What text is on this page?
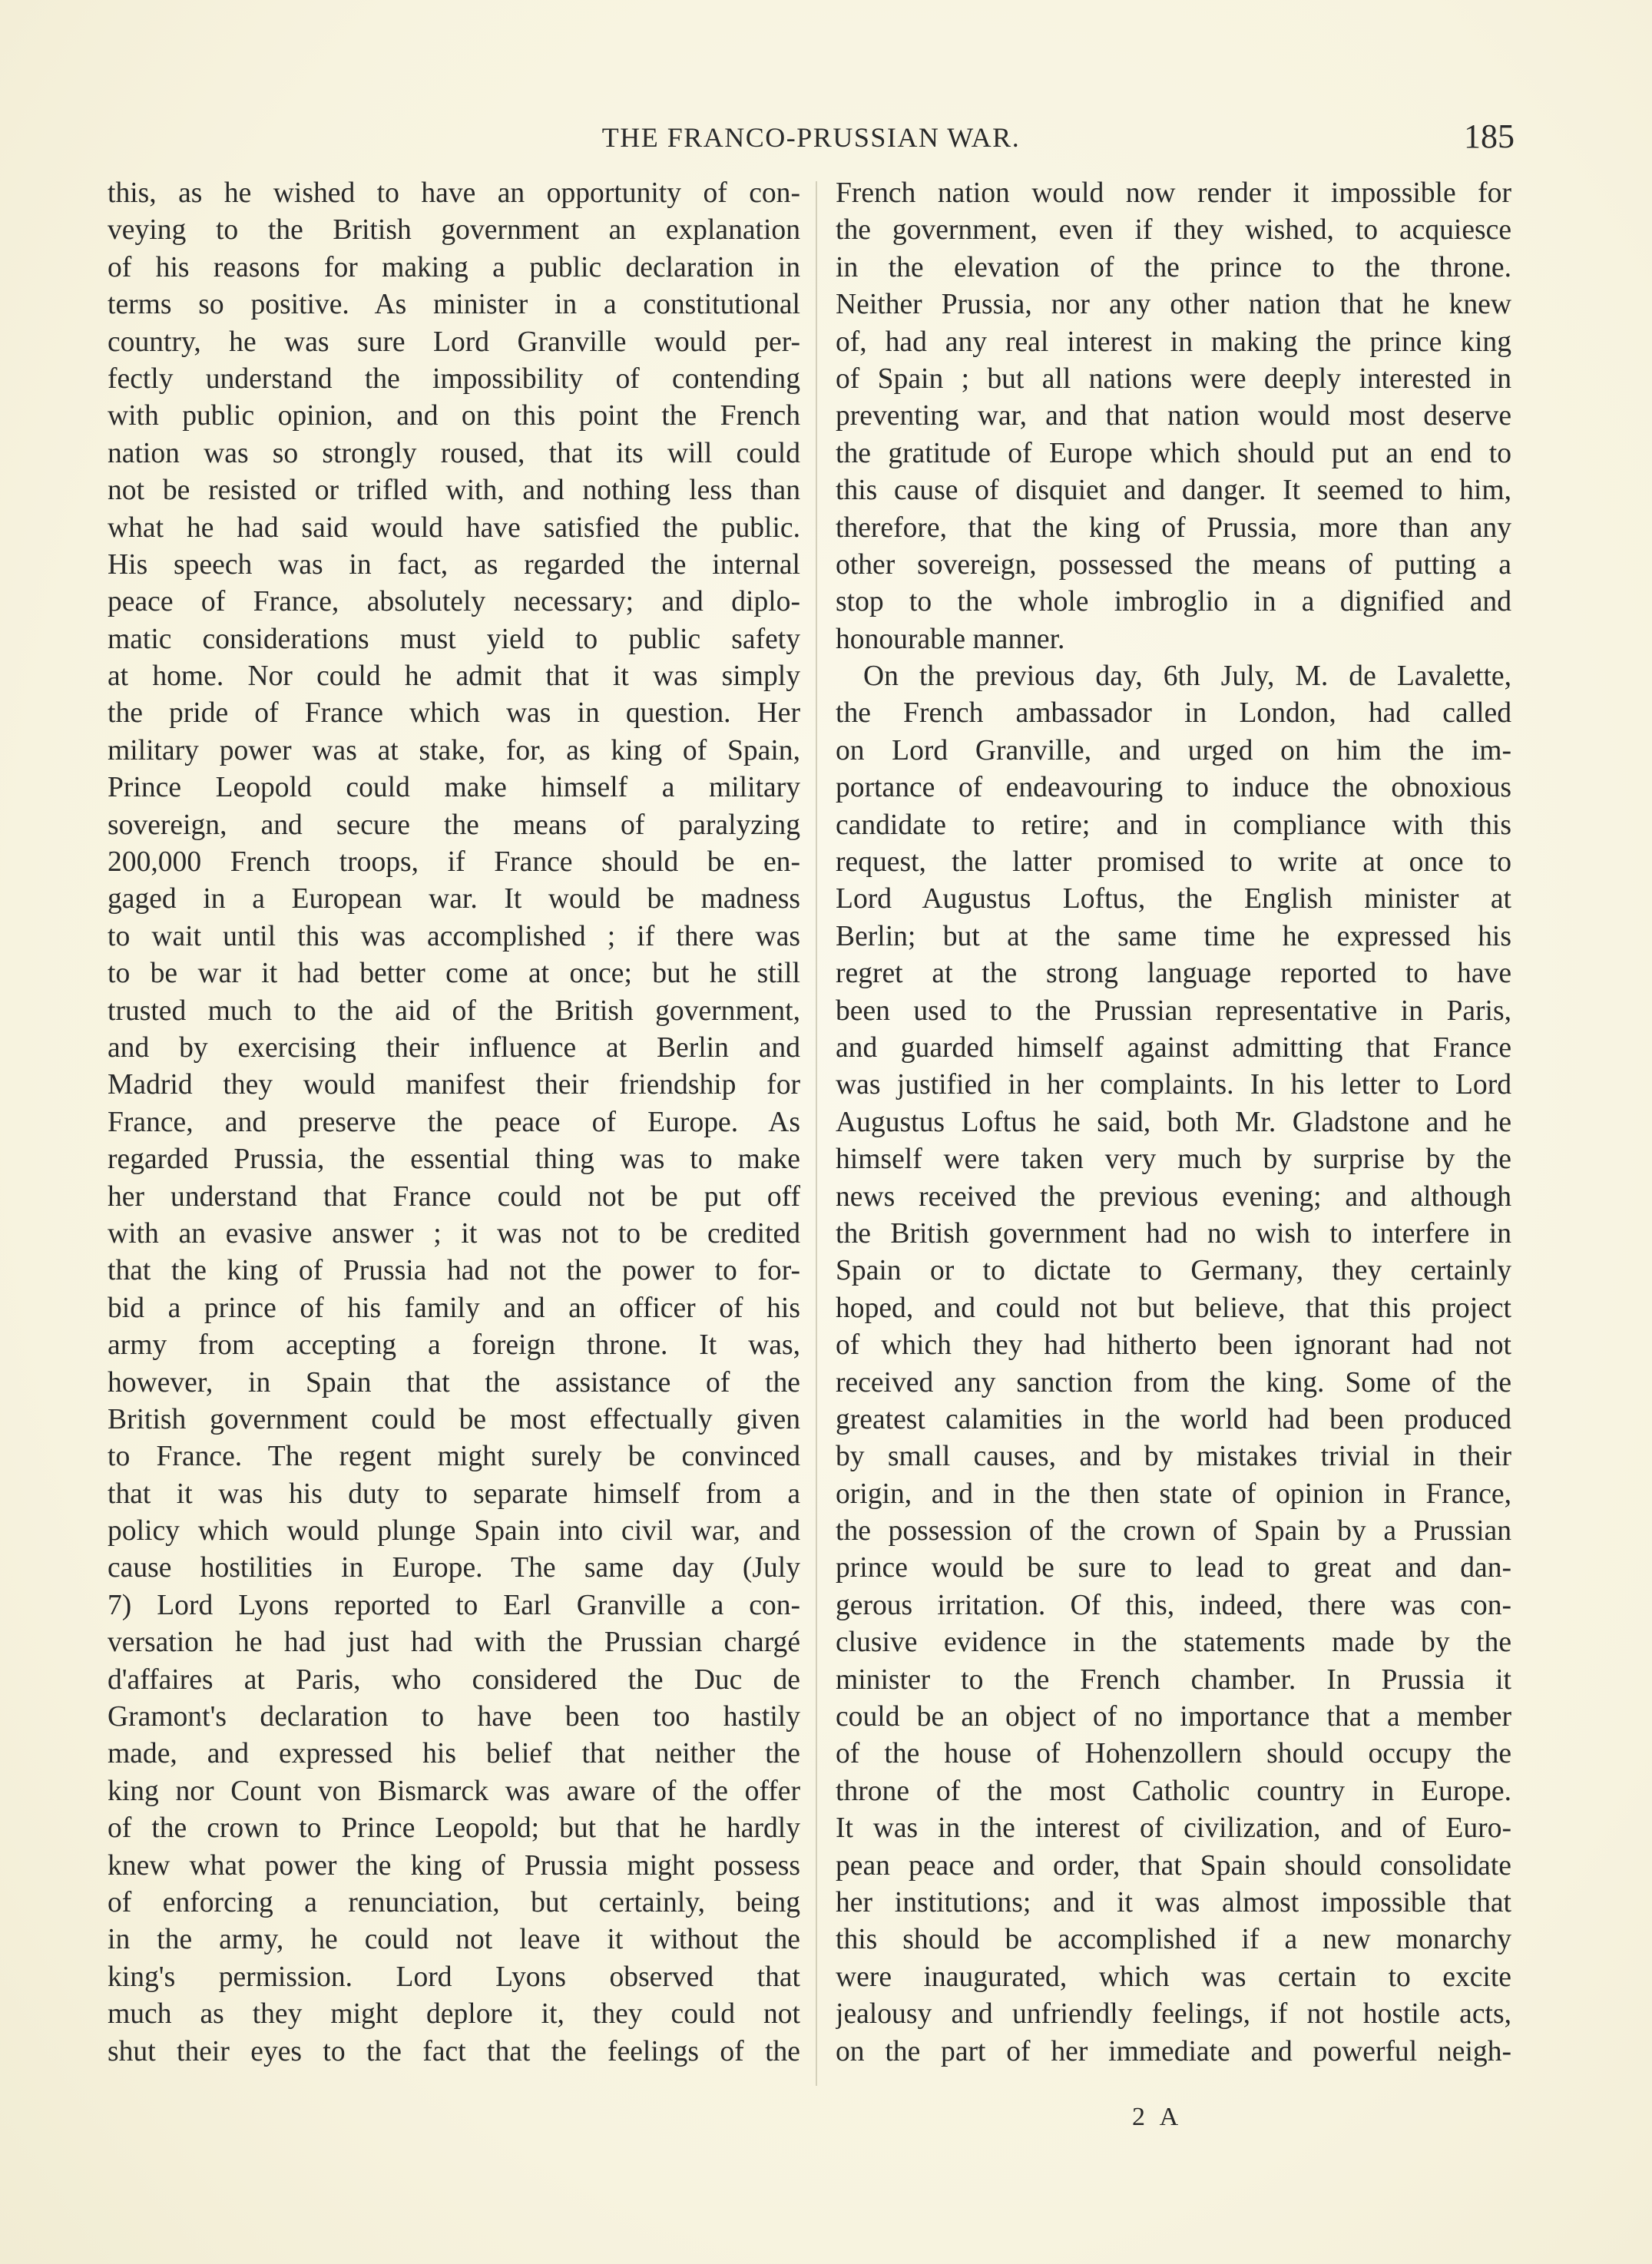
THE FRANCO-PRUSSIAN WAR.	185
this, as he wished to have an opportunity of con-
veying to the British government an explanation
of his reasons for making a public declaration in
terms so positive. As minister in a constitutional
country, he was sure Lord Granville would per-
fectly understand the impossibility of contending
with public opinion, and on this point the French
nation was so strongly roused, that its will could
not be resisted or trifled with, and nothing less than
what he had said would have satisfied the public.
His speech was in fact, as regarded the internal
peace of France, absolutely necessary; and diplo-
matic considerations must yield to public safety
at home. Nor could he admit that it was simply
the pride of France which was in question. Her
military power was at stake, for, as king of Spain,
Prince Leopold could make himself a military
sovereign, and secure the means of paralyzing
200,000 French troops, if France should be en-
gaged in a European war. It would be madness
to wait until this was accomplished ; if there was
to be war it had better come at once; but he still
trusted much to the aid of the British government,
and by exercising their influence at Berlin and
Madrid they would manifest their friendship for
France, and preserve the peace of Europe. As
regarded Prussia, the essential thing was to make
her understand that France could not be put off
with an evasive answer ; it was not to be credited
that the king of Prussia had not the power to for-
bid a prince of his family and an officer of his
army from accepting a foreign throne. It was,
however, in Spain that the assistance of the
British government could be most effectually given
to France. The regent might surely be convinced
that it was his duty to separate himself from a
policy which would plunge Spain into civil war, and
cause hostilities in Europe. The same day (July
7) Lord Lyons reported to Earl Granville a con-
versation he had just had with the Prussian chargé
d'affaires at Paris, who considered the Duc de
Gramont's declaration to have been too hastily
made, and expressed his belief that neither the
king nor Count von Bismarck was aware of the offer
of the crown to Prince Leopold; but that he hardly
knew what power the king of Prussia might possess
of enforcing a renunciation, but certainly, being
in the army, he could not leave it without the
king's permission. Lord Lyons observed that
much as they might deplore it, they could not
shut their eyes to the fact that the feelings of the
French nation would now render it impossible for
the government, even if they wished, to acquiesce
in the elevation of the prince to the throne.
Neither Prussia, nor any other nation that he knew
of, had any real interest in making the prince king
of Spain ; but all nations were deeply interested in
preventing war, and that nation would most deserve
the gratitude of Europe which should put an end to
this cause of disquiet and danger. It seemed to him,
therefore, that the king of Prussia, more than any
other sovereign, possessed the means of putting a
stop to the whole imbroglio in a dignified and
honourable manner.
On the previous day, 6th July, M. de Lavalette,
the French ambassador in London, had called
on Lord Granville, and urged on him the im-
portance of endeavouring to induce the obnoxious
candidate to retire; and in compliance with this
request, the latter promised to write at once to
Lord Augustus Loftus, the English minister at
Berlin; but at the same time he expressed his
regret at the strong language reported to have
been used to the Prussian representative in Paris,
and guarded himself against admitting that France
was justified in her complaints. In his letter to Lord
Augustus Loftus he said, both Mr. Gladstone and he
himself were taken very much by surprise by the
news received the previous evening; and although
the British government had no wish to interfere in
Spain or to dictate to Germany, they certainly
hoped, and could not but believe, that this project
of which they had hitherto been ignorant had not
received any sanction from the king. Some of the
greatest calamities in the world had been produced
by small causes, and by mistakes trivial in their
origin, and in the then state of opinion in France,
the possession of the crown of Spain by a Prussian
prince would be sure to lead to great and dan-
gerous irritation. Of this, indeed, there was con-
clusive evidence in the statements made by the
minister to the French chamber. In Prussia it
could be an object of no importance that a member
of the house of Hohenzollern should occupy the
throne of the most Catholic country in Europe.
It was in the interest of civilization, and of Euro-
pean peace and order, that Spain should consolidate
her institutions; and it was almost impossible that
this should be accomplished if a new monarchy
were inaugurated, which was certain to excite
jealousy and unfriendly feelings, if not hostile acts,
on the part of her immediate and powerful neigh-
2 A
